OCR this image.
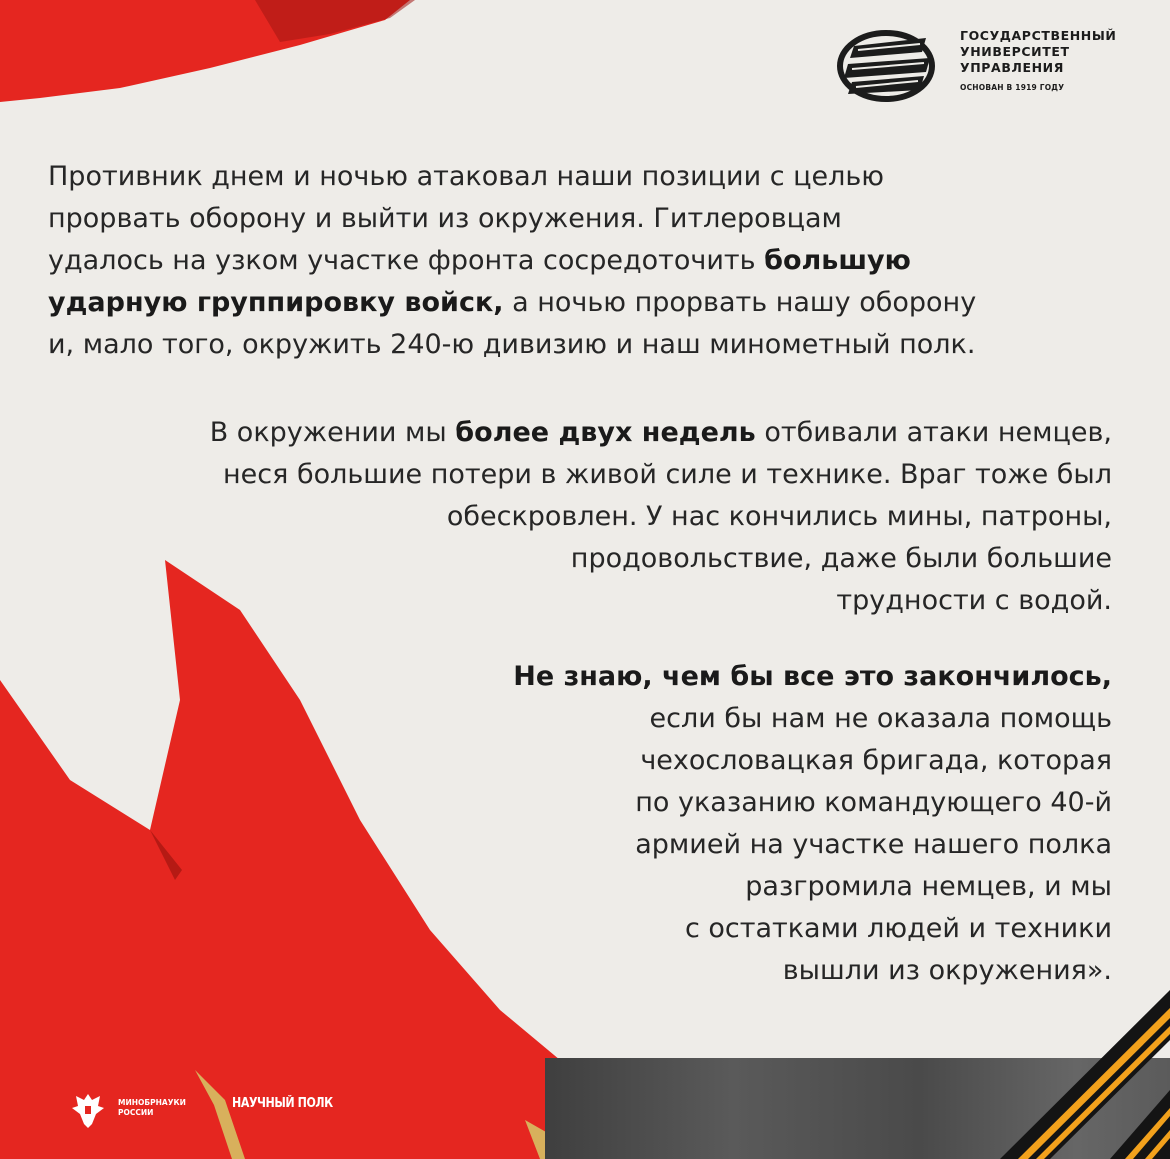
ГОСУДАРСТВЕННЫЙ
УНИВЕРСИТЕТ
УПРАВЛЕНИЯ
ОСНОВАН В 1919 ГОДУ
Противник днем и ночью атаковал наши позиции с целью
прорвать оборону и выйти из окружения. Гитлеровцам
удалось на узком участке фронта сосредоточить большую
ударную группировку войск, а ночью прорвать нашу оборону
и, мало того, окружить 240-ю дивизию и наш минометный полк.
В окружении мы более двух недель отбивали атаки немцев,
неся большие потери в живой силе и технике. Враг тоже был
обескровлен. У нас кончились мины, патроны,
продовольствие, даже были большие
трудности с водой.
Не знаю, чем бы все это закончилось,
если бы нам не оказала помощь
чехословацкая бригада, которая
по указанию командующего 40-й
армией на участке нашего полка
разгромила немцев, и мы
с остатками людей и техники
вышли из окружения».
МИНОБРНАУКИ
РОССИИ
НАУЧНЫЙ ПОЛК
